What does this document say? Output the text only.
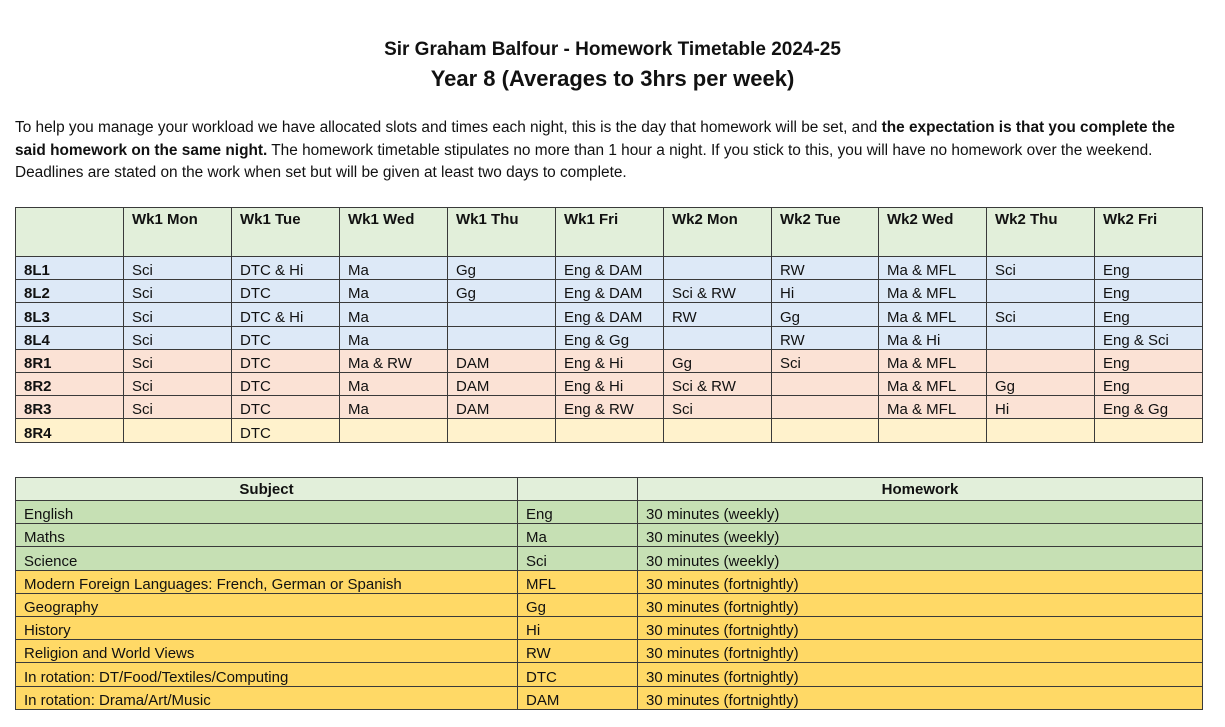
Sir Graham Balfour - Homework Timetable 2024-25
Year 8 (Averages to 3hrs per week)
To help you manage your workload we have allocated slots and times each night, this is the day that homework will be set, and the expectation is that you complete the said homework on the same night. The homework timetable stipulates no more than 1 hour a night. If you stick to this, you will have no homework over the weekend. Deadlines are stated on the work when set but will be given at least two days to complete.
	Wk1 Mon	Wk1 Tue	Wk1 Wed	Wk1 Thu	Wk1 Fri	Wk2 Mon	Wk2 Tue	Wk2 Wed	Wk2 Thu	Wk2 Fri
8L1	Sci	DTC & Hi	Ma	Gg	Eng & DAM		RW	Ma & MFL	Sci	Eng
8L2	Sci	DTC	Ma	Gg	Eng & DAM	Sci & RW	Hi	Ma & MFL		Eng
8L3	Sci	DTC & Hi	Ma		Eng & DAM	RW	Gg	Ma & MFL	Sci	Eng
8L4	Sci	DTC	Ma		Eng & Gg		RW	Ma & Hi		Eng & Sci
8R1	Sci	DTC	Ma & RW	DAM	Eng & Hi	Gg	Sci	Ma & MFL		Eng
8R2	Sci	DTC	Ma	DAM	Eng & Hi	Sci & RW		Ma & MFL	Gg	Eng
8R3	Sci	DTC	Ma	DAM	Eng & RW	Sci		Ma & MFL	Hi	Eng & Gg
8R4		DTC								
Subject		Homework
English	Eng	30 minutes (weekly)
Maths	Ma	30 minutes (weekly)
Science	Sci	30 minutes (weekly)
Modern Foreign Languages: French, German or Spanish	MFL	30 minutes (fortnightly)
Geography	Gg	30 minutes (fortnightly)
History	Hi	30 minutes (fortnightly)
Religion and World Views	RW	30 minutes (fortnightly)
In rotation: DT/Food/Textiles/Computing	DTC	30 minutes (fortnightly)
In rotation: Drama/Art/Music	DAM	30 minutes (fortnightly)
